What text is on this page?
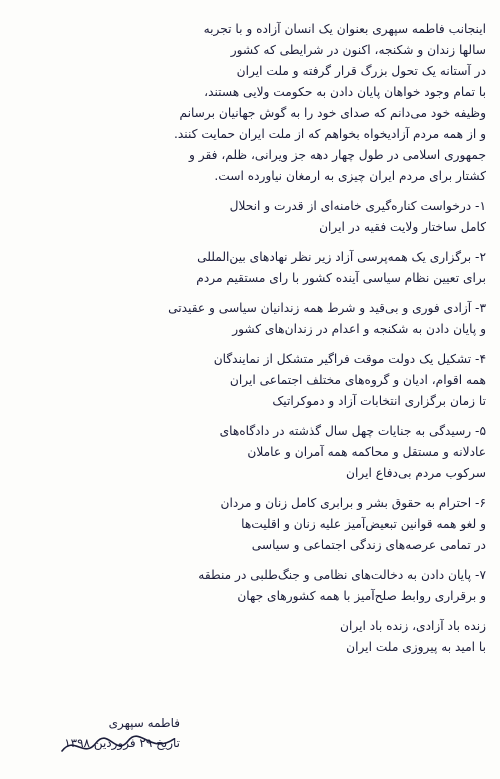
اینجانب فاطمه سپهری بعنوان یک انسان آزاده و با تجربه
سالها زندان و شکنجه، اکنون در شرایطی که کشور
در آستانه یک تحول بزرگ قرار گرفته و ملت ایران
با تمام وجود خواهان پایان دادن به حکومت ولایی هستند،
وظیفه خود می‌دانم که صدای خود را به گوش جهانیان برسانم
و از همه مردم آزادیخواه بخواهم که از ملت ایران حمایت کنند.
جمهوری اسلامی در طول چهار دهه جز ویرانی، ظلم، فقر و
کشتار برای مردم ایران چیزی به ارمغان نیاورده است.
۱- درخواست کناره‌گیری خامنه‌ای از قدرت و انحلال
کامل ساختار ولایت فقیه در ایران
۲- برگزاری یک همه‌پرسی آزاد زیر نظر نهادهای بین‌المللی
برای تعیین نظام سیاسی آینده کشور با رای مستقیم مردم
۳- آزادی فوری و بی‌قید و شرط همه زندانیان سیاسی و عقیدتی
و پایان دادن به شکنجه و اعدام در زندان‌های کشور
۴- تشکیل یک دولت موقت فراگیر متشکل از نمایندگان
همه اقوام، ادیان و گروه‌های مختلف اجتماعی ایران
تا زمان برگزاری انتخابات آزاد و دموکراتیک
۵- رسیدگی به جنایات چهل سال گذشته در دادگاه‌های
عادلانه و مستقل و محاکمه همه آمران و عاملان
سرکوب مردم بی‌دفاع ایران
۶- احترام به حقوق بشر و برابری کامل زنان و مردان
و لغو همه قوانین تبعیض‌آمیز علیه زنان و اقلیت‌ها
در تمامی عرصه‌های زندگی اجتماعی و سیاسی
۷- پایان دادن به دخالت‌های نظامی و جنگ‌طلبی در منطقه
و برقراری روابط صلح‌آمیز با همه کشورهای جهان
زنده باد آزادی، زنده باد ایران
با امید به پیروزی ملت ایران
فاطمه سپهری
تاریخ ۲۹ فروردین ۱۳۹۸
